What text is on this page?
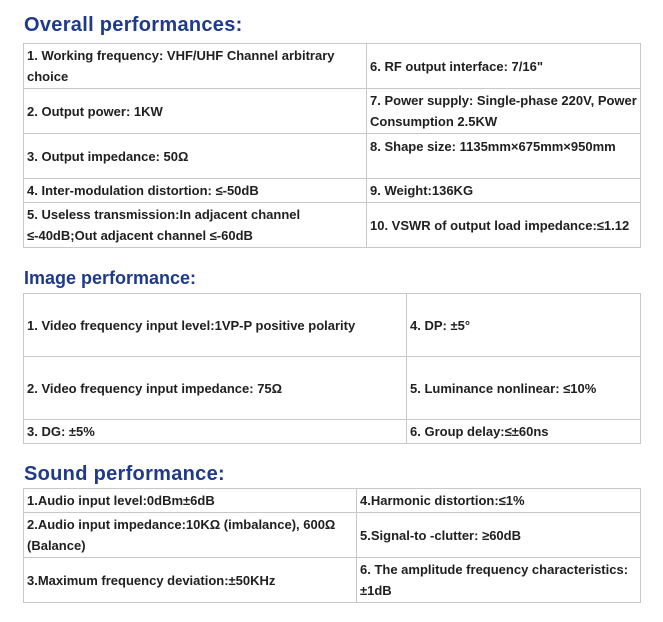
Overall performances:
1. Working frequency: VHF/UHF Channel arbitrary choice	6. RF output interface: 7/16"
2. Output power: 1KW	7. Power supply: Single-phase 220V, Power Consumption 2.5KW
3. Output impedance: 50Ω	8. Shape size: 1135mm×675mm×950mm
4. Inter-modulation distortion: ≤-50dB	9. Weight:136KG
5. Useless transmission:In adjacent channel ≤-40dB;Out adjacent channel ≤-60dB	10. VSWR of output load impedance:≤1.12
Image performance:
1. Video frequency input level:1VP-P positive polarity	4. DP: ±5°
2. Video frequency input impedance: 75Ω	5. Luminance nonlinear: ≤10%
3. DG: ±5%	6. Group delay:≤±60ns
Sound performance:
1.Audio input level:0dBm±6dB	4.Harmonic distortion:≤1%
2.Audio input impedance:10KΩ (imbalance), 600Ω (Balance)	5.Signal-to -clutter: ≥60dB
3.Maximum frequency deviation:±50KHz	6. The amplitude frequency characteristics: ±1dB
